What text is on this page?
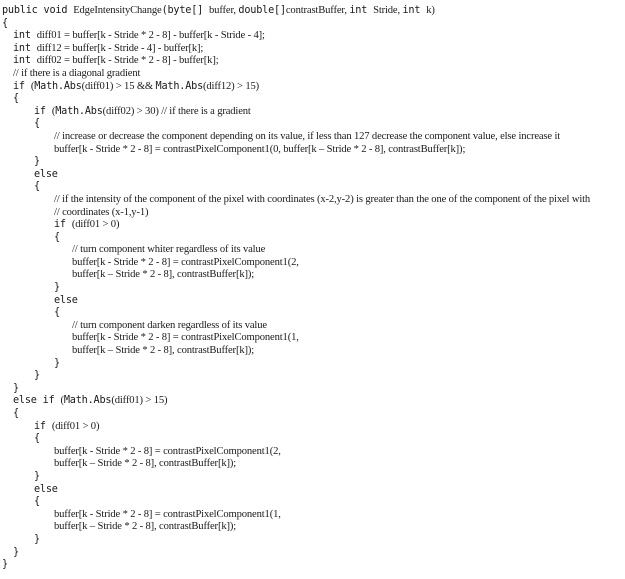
public void EdgeIntensityChange(byte[] buffer, double[]contrastBuffer, int Stride, int k)
{
int diff01 = buffer[k - Stride * 2 - 8] - buffer[k - Stride - 4];
int diff12 = buffer[k - Stride - 4] - buffer[k];
int diff02 = buffer[k - Stride * 2 - 8] - buffer[k];
// if there is a diagonal gradient
if (Math.Abs(diff01) > 15 && Math.Abs(diff12) > 15)
{
if (Math.Abs(diff02) > 30) // if there is a gradient
{
// increase or decrease the component depending on its value, if less than 127 decrease the component value, else increase it
buffer[k - Stride * 2 - 8] = contrastPixelComponent1(0, buffer[k – Stride * 2 - 8], contrastBuffer[k]);
}
else
{
// if the intensity of the component of the pixel with coordinates (x-2,y-2) is greater than the one of the component of the pixel with
// coordinates (x-1,y-1)
if (diff01 > 0)
{
// turn component whiter regardless of its value
buffer[k - Stride * 2 - 8] = contrastPixelComponent1(2,
buffer[k – Stride * 2 - 8], contrastBuffer[k]);
}
else
{
// turn component darken regardless of its value
buffer[k - Stride * 2 - 8] = contrastPixelComponent1(1,
buffer[k – Stride * 2 - 8], contrastBuffer[k]);
}
}
}
else if (Math.Abs(diff01) > 15)
{
if (diff01 > 0)
{
buffer[k - Stride * 2 - 8] = contrastPixelComponent1(2,
buffer[k – Stride * 2 - 8], contrastBuffer[k]);
}
else
{
buffer[k - Stride * 2 - 8] = contrastPixelComponent1(1,
buffer[k – Stride * 2 - 8], contrastBuffer[k]);
}
}
}
